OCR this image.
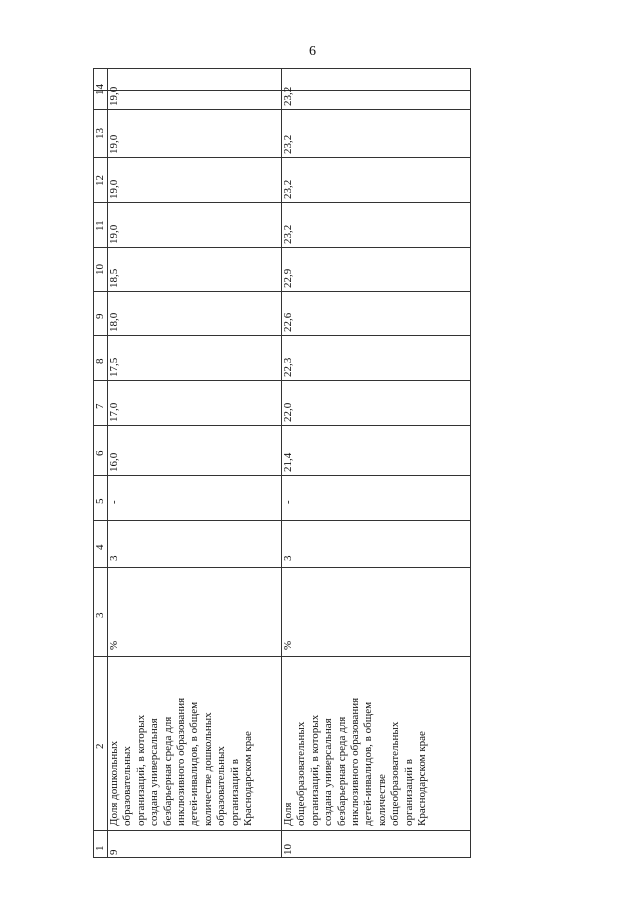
6
1
2
3
4
5
6
7
8
9
10
11
12
13
14
9
Доля дошкольных образовательных организаций, в которых создана универсальная безбарьерная среда для инклюзивного образования детей-инвалидов, в общем количестве дошкольных образовательных организаций в Краснодарском крае
%
3
-
16,0
17,0
17,5
18,0
18,5
19,0
19,0
19,0
19,0
10
Доля общеобразовательных организаций, в которых создана универсальная безбарьерная среда для инклюзивного образования детей-инвалидов, в общем количестве общеобразовательных организаций в Краснодарском крае
%
3
-
21,4
22,0
22,3
22,6
22,9
23,2
23,2
23,2
23,2
